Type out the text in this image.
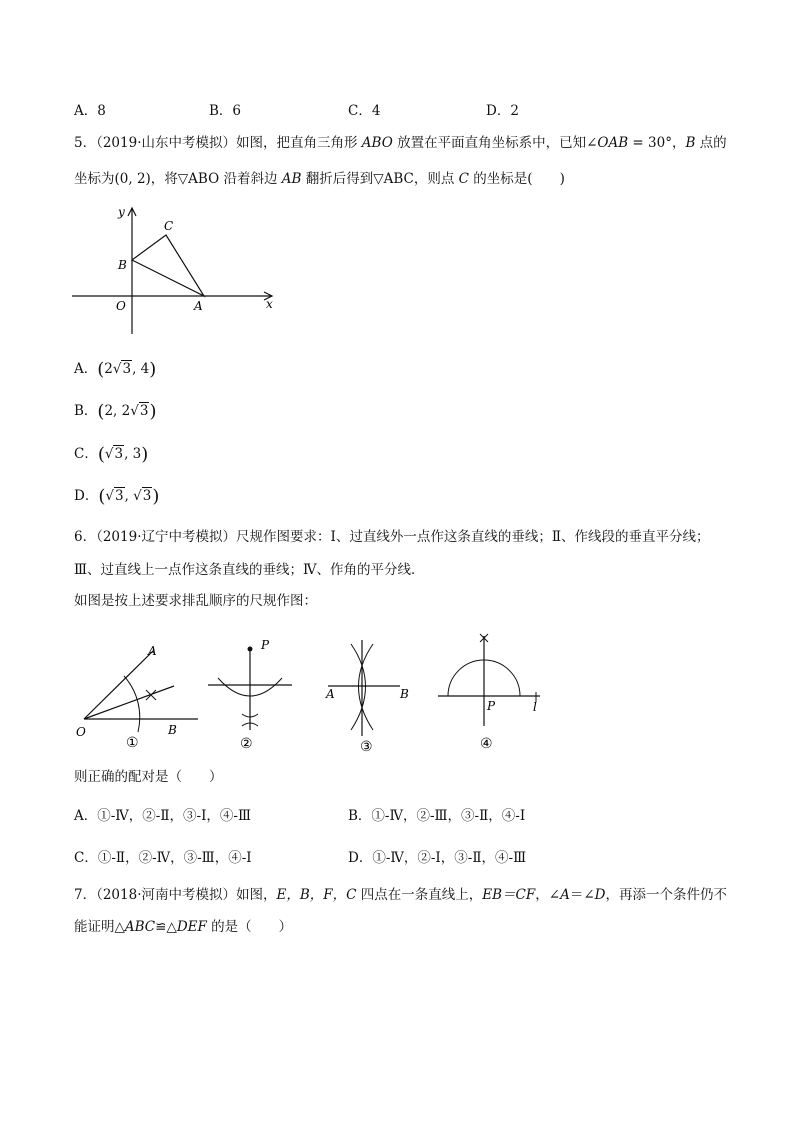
A．8	B．6	C．4	D．2
5．（2019·山东中考模拟）如图，把直角三角形 ABO 放置在平面直角坐标系中，已知∠OAB = 30°，B 点的
坐标为(0, 2)，将▽ABO 沿着斜边 AB 翻折后得到▽ABC，则点 C 的坐标是(　　)
y
x
O	A
B
C
A．(2√3, 4)
B．(2, 2√3)
C．(√3, 3)
D．(√3, √3)
6．（2019·辽宁中考模拟）尺规作图要求：Ⅰ、过直线外一点作这条直线的垂线；Ⅱ、作线段的垂直平分线；
Ⅲ、过直线上一点作这条直线的垂线；Ⅳ、作角的平分线．
如图是按上述要求排乱顺序的尺规作图：
A
O	B
①
P
②
A	B
③
P	l
④
则正确的配对是（　　）
A．①-Ⅳ，②-Ⅱ，③-Ⅰ，④-Ⅲ	B．①-Ⅳ，②-Ⅲ，③-Ⅱ，④-Ⅰ
C．①-Ⅱ，②-Ⅳ，③-Ⅲ，④-Ⅰ	D．①-Ⅳ，②-Ⅰ，③-Ⅱ，④-Ⅲ
7．（2018·河南中考模拟）如图，E，B，F，C 四点在一条直线上，EB＝CF，∠A＝∠D，再添一个条件仍不
能证明△ABC≌△DEF 的是（　　）
